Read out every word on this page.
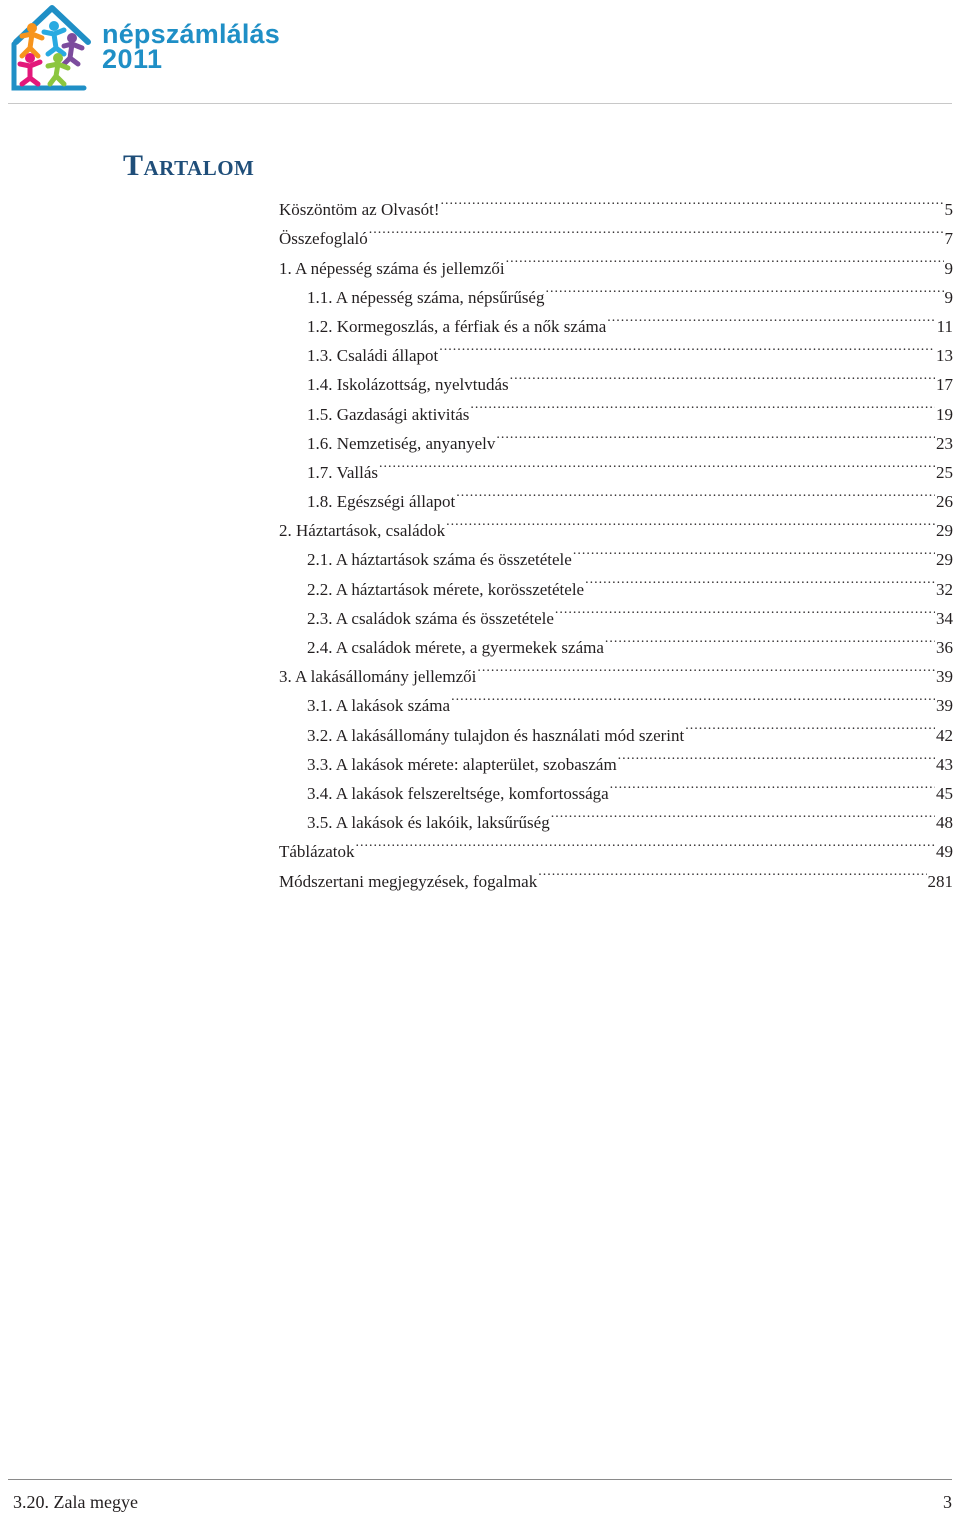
népszámlálás
2011
Tartalom
Köszöntöm az Olvasót! .....	5
Összefoglaló .....	7
1. A népesség száma és jellemzői .....	9
1.1. A népesség száma, népsűrűség .....	9
1.2. Kormegoszlás, a férfiak és a nők száma .....	11
1.3. Családi állapot .....	13
1.4. Iskolázottság, nyelvtudás .....	17
1.5. Gazdasági aktivitás .....	19
1.6. Nemzetiség, anyanyelv .....	23
1.7. Vallás .....	25
1.8. Egészségi állapot .....	26
2. Háztartások, családok .....	29
2.1. A háztartások száma és összetétele .....	29
2.2. A háztartások mérete, korösszetétele .....	32
2.3. A családok száma és összetétele .....	34
2.4. A családok mérete, a gyermekek száma .....	36
3. A lakásállomány jellemzői .....	39
3.1. A lakások száma .....	39
3.2. A lakásállomány tulajdon és használati mód szerint .....	42
3.3. A lakások mérete: alapterület, szobaszám .....	43
3.4. A lakások felszereltsége, komfortossága .....	45
3.5. A lakások és lakóik, laksűrűség .....	48
Táblázatok .....	49
Módszertani megjegyzések, fogalmak .....	281
3.20. Zala megye	3
